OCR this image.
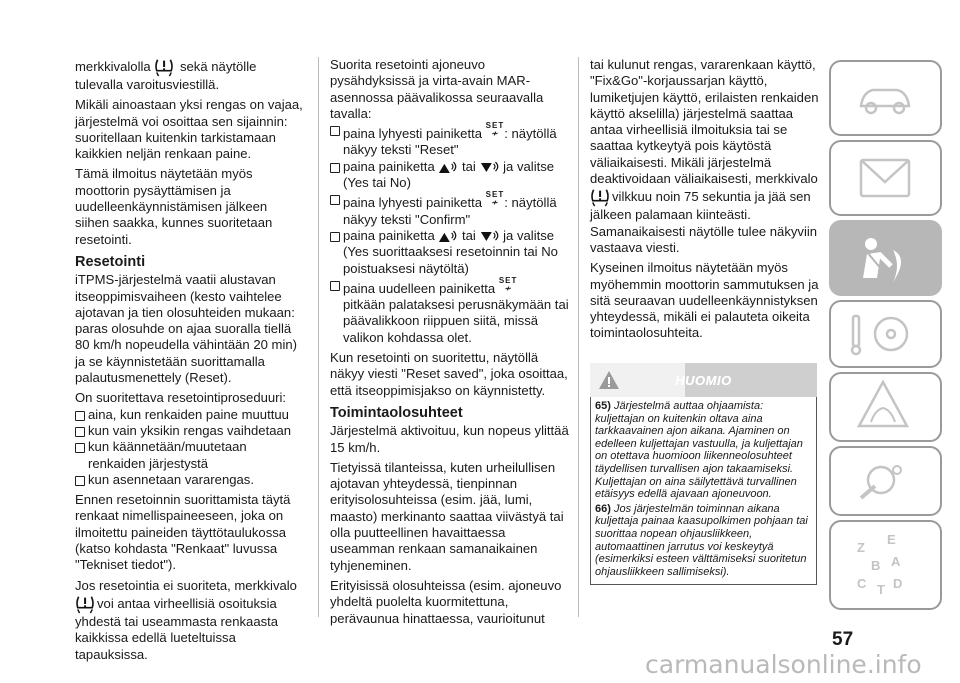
merkkivalolla sekä näytölle tulevalla varoitusviestillä.

Mikäli ainoastaan yksi rengas on vajaa, järjestelmä voi osoittaa sen sijainnin: suoritellaan kuitenkin tarkistamaan kaikkien neljän renkaan paine.

Tämä ilmoitus näytetään myös moottorin pysäyttämisen ja uudelleenkäynnistämisen jälkeen siihen saakka, kunnes suoritetaan resetointi.

Resetointi

iTPMS-järjestelmä vaatii alustavan itseoppimisvaiheen (kesto vaihtelee ajotavan ja tien olosuhteiden mukaan: paras olosuhde on ajaa suoralla tiellä 80 km/h nopeudella vähintään 20 min) ja se käynnistetään suorittamalla palautusmenettely (Reset).

On suoritettava resetointiproseduuri:

aina, kun renkaiden paine muuttuu
kun vain yksikin rengas vaihdetaan
kun käännetään/muutetaan renkaiden järjestystä
kun asennetaan vararengas.

Ennen resetoinnin suorittamista täytä renkaat nimellispaineeseen, joka on ilmoitettu paineiden täyttötaulukossa (katso kohdasta "Renkaat" luvussa "Tekniset tiedot").

Jos resetointia ei suoriteta, merkkivalo
voi antaa virheellisiä osoituksia yhdestä tai useammasta renkaasta kaikkissa edellä lueteltuissa tapauksissa.

Suorita resetointi ajoneuvo pysähdyksissä ja virta-avain MAR-asennossa päävalikossa seuraavalla tavalla:

paina lyhyesti painiketta
SET
≁ : näytöllä näkyy teksti "Reset"
paina painiketta tai ja valitse (Yes tai No)
paina lyhyesti painiketta
SET
≁ : näytöllä näkyy teksti "Confirm"
paina painiketta tai ja valitse (Yes suorittaaksesi resetoinnin tai No poistuaksesi näytöltä)
paina uudelleen painiketta
SET
≁
pitkään palataksesi perusnäkymään tai päävalikkoon riippuen siitä, missä valikon kohdassa olet.

Kun resetointi on suoritettu, näytöllä näkyy viesti "Reset saved", joka osoittaa, että itseoppimisjakso on käynnistetty.

Toimintaolosuhteet

Järjestelmä aktivoituu, kun nopeus ylittää 15 km/h.

Tietyissä tilanteissa, kuten urheilullisen ajotavan yhteydessä, tienpinnan erityisolosuhteissa (esim. jää, lumi, maasto) merkinanto saattaa viivästyä tai olla puutteellinen havaittaessa useamman renkaan samanaikainen tyhjeneminen.

Erityisissä olosuhteissa (esim. ajoneuvo yhdeltä puolelta kuormitettuna, perävaunua hinattaessa, vaurioitunut

tai kulunut rengas, vararenkaan käyttö, "Fix&Go"-korjaussarjan käyttö, lumiketjujen käyttö, erilaisten renkaiden käyttö akselilla) järjestelmä saattaa antaa virheellisiä ilmoituksia tai se saattaa kytkeytyä pois käytöstä väliaikaisesti. Mikäli järjestelmä deaktivoidaan väliaikaisesti, merkkivalo
vilkkuu noin 75 sekuntia ja jää sen jälkeen palamaan kiinteästi. Samanaikaisesti näytölle tulee näkyviin vastaava viesti.

Kyseinen ilmoitus näytetään myös myöhemmin moottorin sammutuksen ja sitä seuraavan uudelleenkäynnistyksen yhteydessä, mikäli ei palauteta oikeita toimintaolosuhteita.

HUOMIO

65) Järjestelmä auttaa ohjaamista: kuljettajan on kuitenkin oltava aina tarkkaavainen ajon aikana. Ajaminen on edelleen kuljettajan vastuulla, ja kuljettajan on otettava huomioon liikenneolosuhteet täydellisen turvallisen ajon takaamiseksi. Kuljettajan on aina säilytettävä turvallinen etäisyys edellä ajavaan ajoneuvoon.

66) Jos järjestelmän toiminnan aikana kuljettaja painaa kaasupolkimen pohjaan tai suorittaa nopean ohjausliikkeen, automaattinen jarrutus voi keskeytyä (esimerkiksi esteen välttämiseksi suoritetun ohjausliikkeen sallimiseksi).

Z
E
B A
C T D
57
carmanualsonline.info
